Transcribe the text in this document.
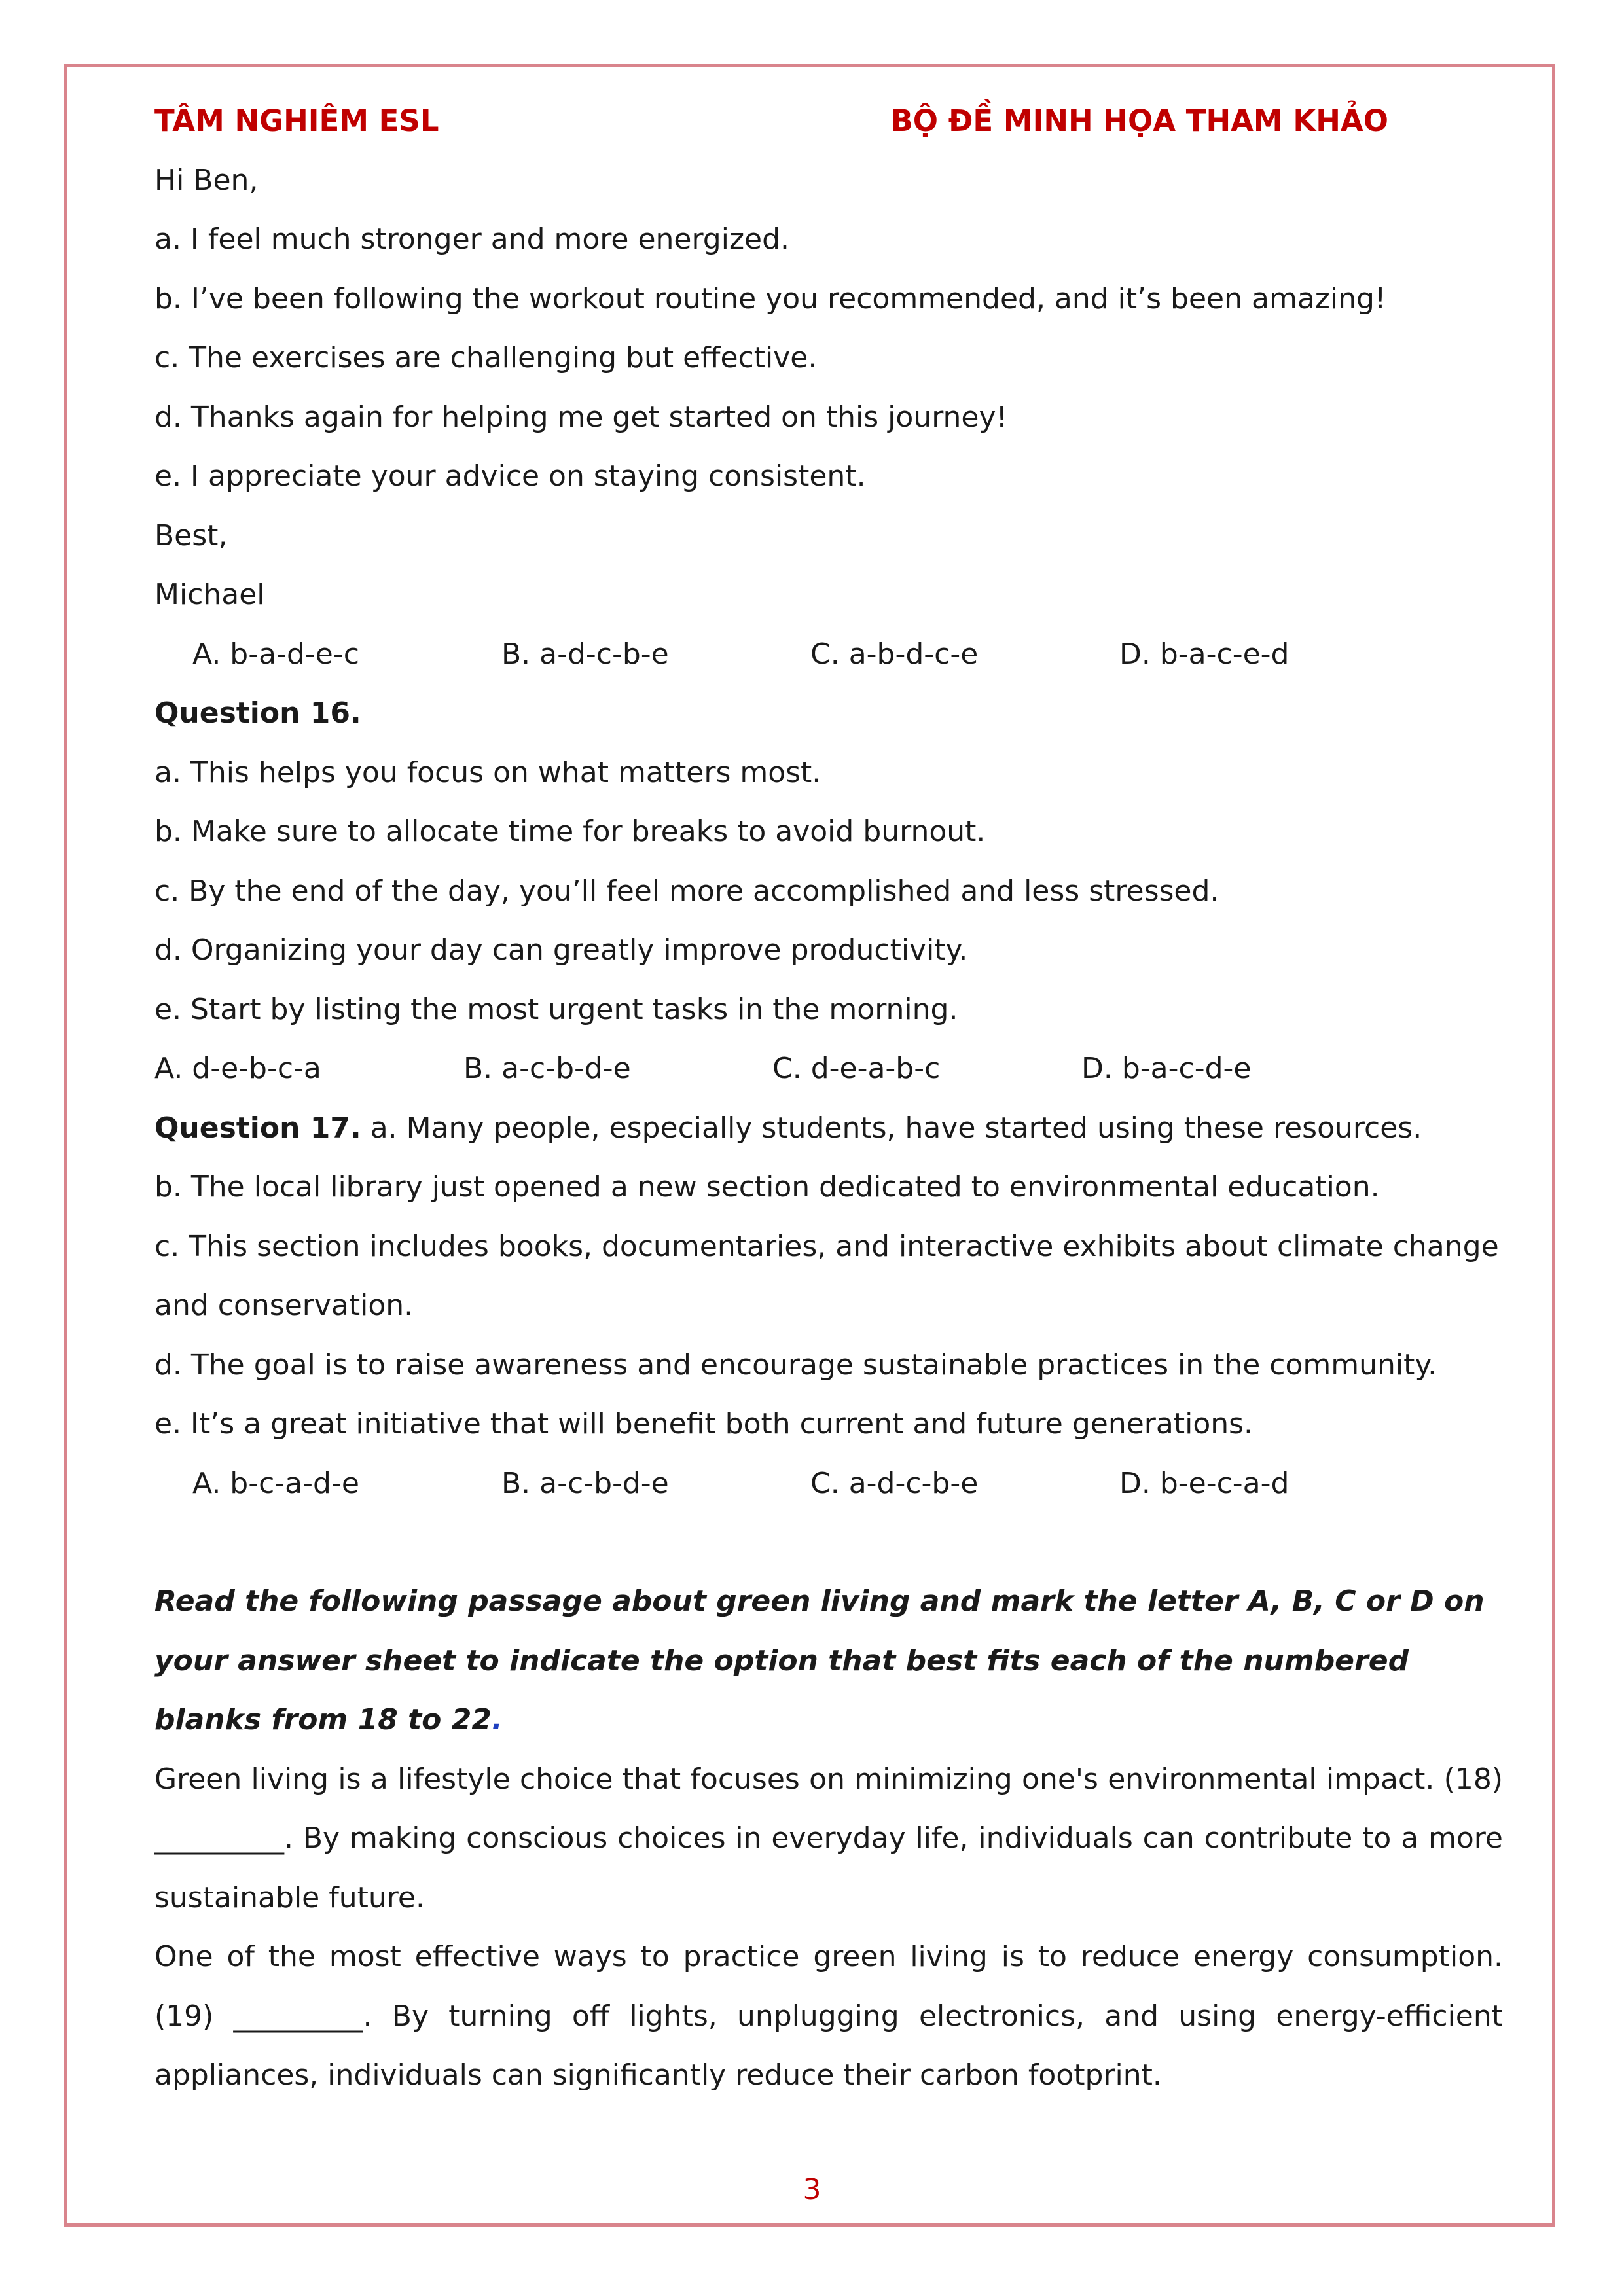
TÂM NGHIÊM ESL	BỘ ĐỀ MINH HỌA THAM KHẢO
Hi Ben,
a. I feel much stronger and more energized.
b. I’ve been following the workout routine you recommended, and it’s been amazing!
c. The exercises are challenging but effective.
d. Thanks again for helping me get started on this journey!
e. I appreciate your advice on staying consistent.
Best,
Michael
A. b-a-d-e-c	B. a-d-c-b-e	C. a-b-d-c-e	D. b-a-c-e-d
Question 16.
a. This helps you focus on what matters most.
b. Make sure to allocate time for breaks to avoid burnout.
c. By the end of the day, you’ll feel more accomplished and less stressed.
d. Organizing your day can greatly improve productivity.
e. Start by listing the most urgent tasks in the morning.
A. d-e-b-c-a	B. a-c-b-d-e	C. d-e-a-b-c	D. b-a-c-d-e
Question 17. a. Many people, especially students, have started using these resources.
b. The local library just opened a new section dedicated to environmental education.
c. This section includes books, documentaries, and interactive exhibits about climate change
and conservation.
d. The goal is to raise awareness and encourage sustainable practices in the community.
e. It’s a great initiative that will benefit both current and future generations.
A. b-c-a-d-e	B. a-c-b-d-e	C. a-d-c-b-e	D. b-e-c-a-d
Read the following passage about green living and mark the letter A, B, C or D on
your answer sheet to indicate the option that best fits each of the numbered
blanks from 18 to 22.
Green living is a lifestyle choice that focuses on minimizing one's environmental impact. (18) _________. By making conscious choices in everyday life, individuals can contribute to a more sustainable future.
One of the most effective ways to practice green living is to reduce energy consumption. (19) _________. By turning off lights, unplugging electronics, and using energy-efficient appliances, individuals can significantly reduce their carbon footprint.
3
